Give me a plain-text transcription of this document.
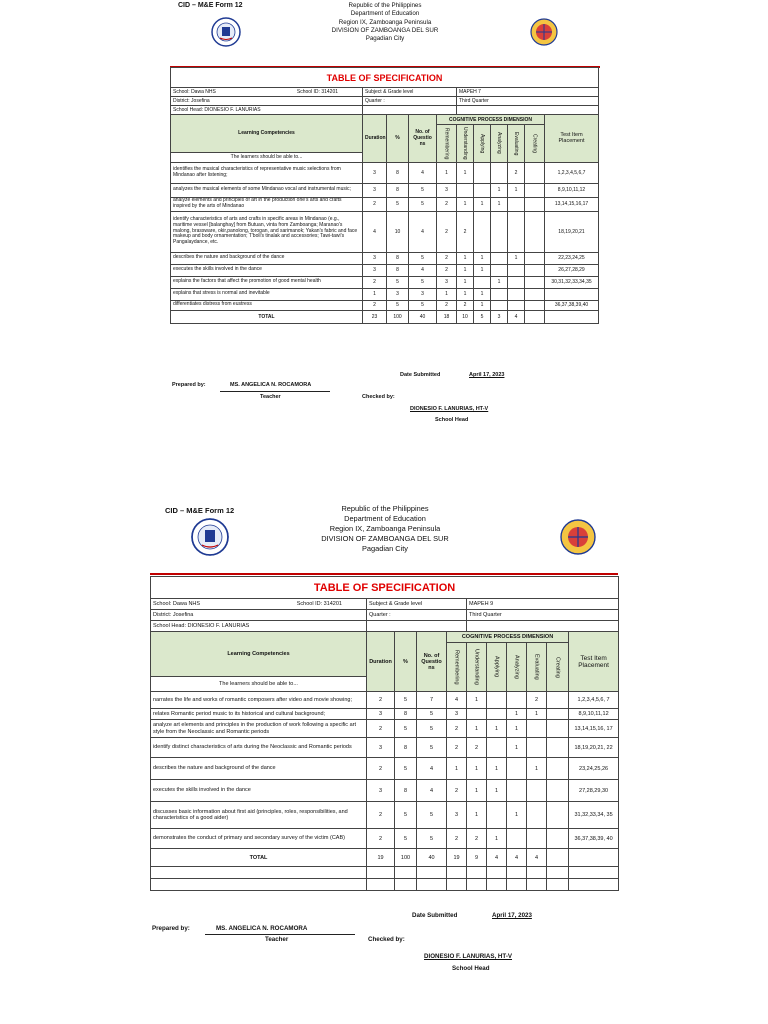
CID – M&E Form 12	Republic of the Philippines
Department of Education
Region IX, Zamboanga Peninsula
DIVISION OF ZAMBOANGA DEL SUR
Pagadian City
TABLE OF SPECIFICATION										
School: Dawa NHS School ID: 314201	Subject & Grade level				MAPEH 7					
District: Josefina	Quarter :				Third Quarter					
School Head: DIONESIO F. LANURIAS										
Learning Competencies	Duration	%	No. of Questio ns	COGNITIVE PROCESS DIMENSION						Test Item Placement

				Remembering	Understanding	Applying	Analyzing	Evaluating	Creating	

The learners should be able to...										
identifies the musical characteristics of representative music selections from Mindanao after listening;	3	8	4	1	1			2		1,2,3,4,5,6,7
analyzes the musical elements of some Mindanao vocal and instrumental music;	3	8	5	3			1	1		8,9,10,11,12
analyze elements and principles of art in the production one's arts and crafts inspired by the arts of Mindanao	2	5	5	2	1	1	1			13,14,15,16,17
identify characteristics of arts and crafts in specific areas in Mindanao (e.g., maritime vessel [balanghay] from Butuan, vinta from Zamboanga; Maranao's malong, brassware, okir,panolong, torogan, and sarimanok; Yakan's fabric and face makeup and body ornamentation; T'boli's tinalak and accessories; Tawi-tawi's Pangalaydance, etc.	4	10	4	2	2					18,19,20,21
describes the nature and background of the dance	3	8	5	2	1	1		1		22,23,24,25
executes the skills involved in the dance	3	8	4	2	1	1				26,27,28,29
explains the factors that affect the promotion of good mental health	2	5	5	3	1		1			30,31,32,33,34,35
explains that stress is normal and inevitable	1	3	3	1	1	1				
differentiates distress from eustress	2	5	5	2	2	1				36,37,38,39,40
TOTAL	23	100	40	18	10	5	3	4		
Date Submitted	April 17, 2023
Prepared by:	MS. ANGELICA N. ROCAMORA
Teacher	Checked by:
DIONESIO F. LANURIAS, HT-V
School Head
CID – M&E Form 12	Republic of the Philippines
Department of Education
Region IX, Zamboanga Peninsula
DIVISION OF ZAMBOANGA DEL SUR
Pagadian City
TABLE OF SPECIFICATION										
School: Dawa NHS School ID: 314201	Subject & Grade level				MAPEH 9					
District: Josefina	Quarter :				Third Quarter					
School Head: DIONESIO F. LANURIAS										
Learning Competencies	Duration	%	No. of Questio ns	COGNITIVE PROCESS DIMENSION						Test Item Placement

				Remembering	Understanding	Applying	Analyzing	Evaluating	Creating	

The learners should be able to...										
narrates the life and works of romantic composers after video and movie showing;	2	5	7	4	1			2		1,2,3,4,5,6, 7
relates Romantic period music to its historical and cultural background;	3	8	5	3			1	1		8,9,10,11,12
analyze art elements and principles in the production of work following a specific art style from the Neoclassic and Romantic periods	2	5	5	2	1	1	1			13,14,15,16, 17
identify distinct characteristics of arts during the Neoclassic and Romantic periods	3	8	5	2	2		1			18,19,20,21, 22
describes the nature and background of the dance	2	5	4	1	1	1		1		23,24,25,26
executes the skills involved in the dance	3	8	4	2	1	1				27,28,29,30
discusses basic information about first aid (principles, roles, responsibilities, and characteristics of a good aider)	2	5	5	3	1		1			31,32,33,34, 35
demonstrates the conduct of primary and secondary survey of the victim (CAB)	2	5	5	2	2	1				36,37,38,39, 40
TOTAL	19	100	40	19	9	4	4	4		

Date Submitted	April 17, 2023
Prepared by:	MS. ANGELICA N. ROCAMORA
Teacher	Checked by:
DIONESIO F. LANURIAS, HT-V
School Head
